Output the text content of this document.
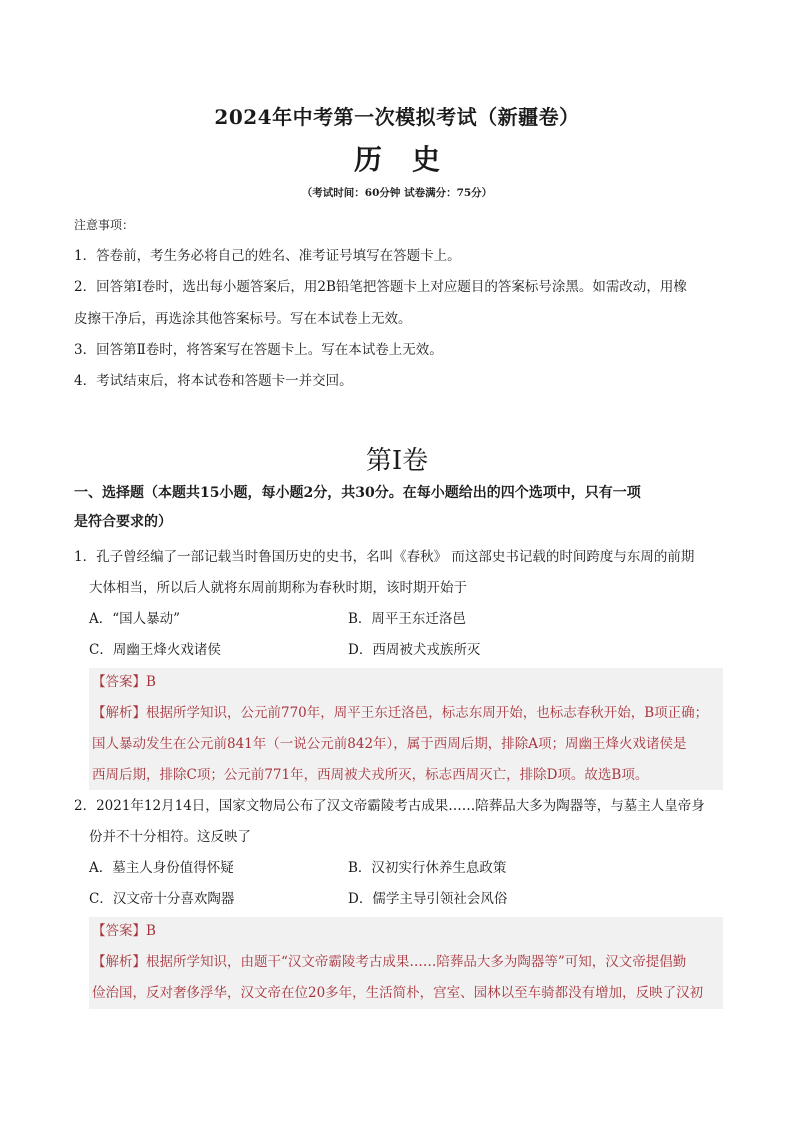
2024年中考第一次模拟考试（新疆卷）
历史
（考试时间：60分钟 试卷满分：75分）
注意事项：
1．答卷前，考生务必将自己的姓名、准考证号填写在答题卡上。
2．回答第Ⅰ卷时，选出每小题答案后，用2B铅笔把答题卡上对应题目的答案标号涂黑。如需改动，用橡
皮擦干净后，再选涂其他答案标号。写在本试卷上无效。
3．回答第Ⅱ卷时，将答案写在答题卡上。写在本试卷上无效。
4．考试结束后，将本试卷和答题卡一并交回。
第Ⅰ卷
一、选择题（本题共15小题，每小题2分，共30分。在每小题给出的四个选项中，只有一项
是符合要求的）
1．孔子曾经编了一部记载当时鲁国历史的史书，名叫《春秋》 而这部史书记载的时间跨度与东周的前期
大体相当，所以后人就将东周前期称为春秋时期，该时期开始于
A．“国人暴动”	B．周平王东迁洛邑
C．周幽王烽火戏诸侯	D．西周被犬戎族所灭
【答案】B
【解析】根据所学知识，公元前770年，周平王东迁洛邑，标志东周开始，也标志春秋开始，B项正确；
国人暴动发生在公元前841年（一说公元前842年），属于西周后期，排除A项；周幽王烽火戏诸侯是
西周后期，排除C项；公元前771年，西周被犬戎所灭，标志西周灭亡，排除D项。故选B项。
2．2021年12月14日，国家文物局公布了汉文帝霸陵考古成果……陪葬品大多为陶器等，与墓主人皇帝身
份并不十分相符。这反映了
A．墓主人身份值得怀疑	B．汉初实行休养生息政策
C．汉文帝十分喜欢陶器	D．儒学主导引领社会风俗
【答案】B
【解析】根据所学知识，由题干“汉文帝霸陵考古成果……陪葬品大多为陶器等”可知，汉文帝提倡勤
俭治国，反对奢侈浮华，汉文帝在位20多年，生活简朴，宫室、园林以至车骑都没有增加，反映了汉初
